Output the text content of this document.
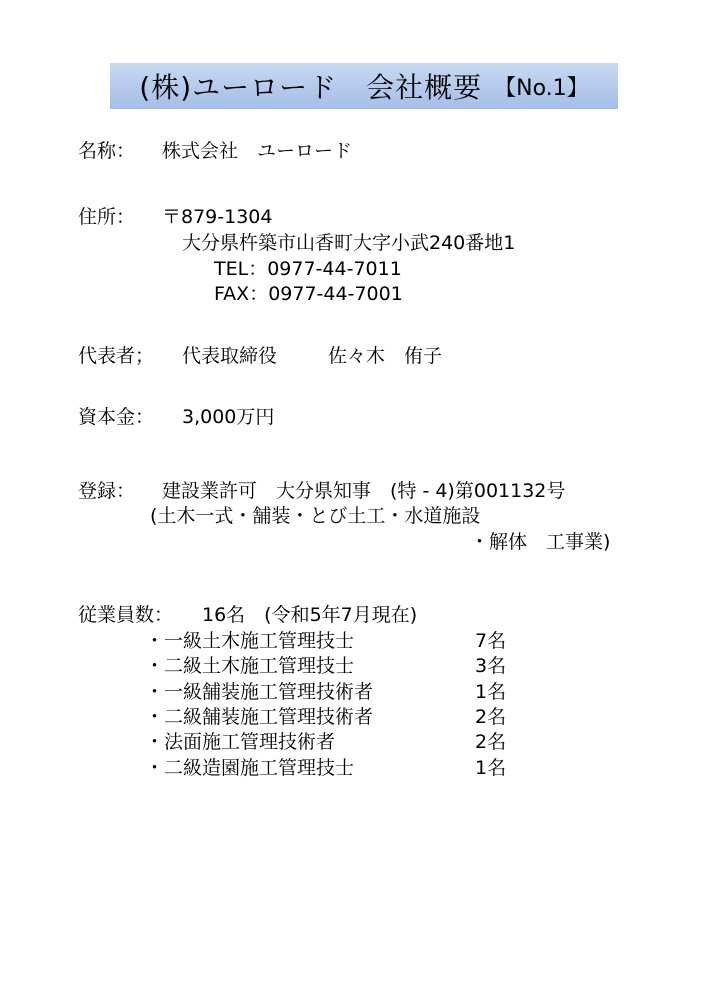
(株)ユーロード　会社概要 【No.1】
名称： 株式会社　ユーロード
住所： 〒879-1304
大分県杵築市山香町大字小武240番地1
TEL：0977-44-7011
FAX：0977-44-7001
代表者； 代表取締役	佐々木　侑子
資本金： 3,000万円
登録： 建設業許可　大分県知事　(特 - 4)第001132号
(土木一式・舗装・とび土工・水道施設
・解体　工事業)
従業員数： 16名　(令和5年7月現在)
・一級土木施工管理技士	7名
・二級土木施工管理技士	3名
・一級舗装施工管理技術者	1名
・二級舗装施工管理技術者	2名
・法面施工管理技術者	2名
・二級造園施工管理技士	1名
